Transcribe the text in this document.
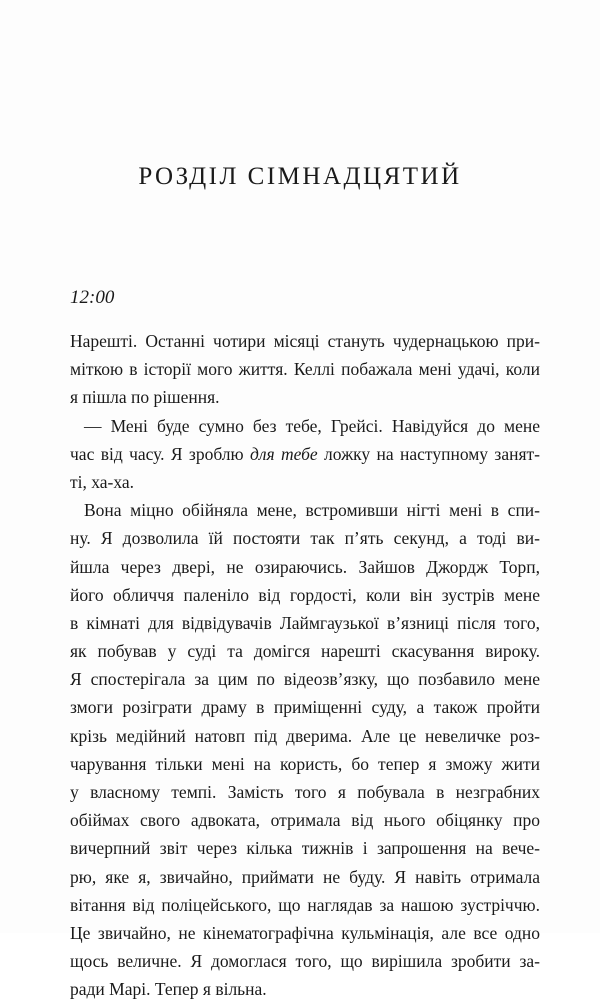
РОЗДІЛ СІМНАДЦЯТИЙ
12:00
Нарешті. Останні чотири місяці стануть чудернацькою при-
міткою в історії мого життя. Келлі побажала мені удачі, коли
я пішла по рішення.
— Мені буде сумно без тебе, Грейсі. Навідуйся до мене
час від часу. Я зроблю для тебе ложку на наступному занят-
ті, ха-ха.
Вона міцно обійняла мене, встромивши нігті мені в спи-
ну. Я дозволила їй постояти так п’ять секунд, а тоді ви-
йшла через двері, не озираючись. Зайшов Джордж Торп,
його обличчя паленіло від гордості, коли він зустрів мене
в кімнаті для відвідувачів Лаймгаузької в’язниці після того,
як побував у суді та домігся нарешті скасування вироку.
Я спостерігала за цим по відеозв’язку, що позбавило мене
змоги розіграти драму в приміщенні суду, а також пройти
крізь медійний натовп під дверима. Але це невеличке роз-
чарування тільки мені на користь, бо тепер я зможу жити
у власному темпі. Замість того я побувала в незграбних
обіймах свого адвоката, отримала від нього обіцянку про
вичерпний звіт через кілька тижнів і запрошення на вече-
рю, яке я, звичайно, приймати не буду. Я навіть отримала
вітання від поліцейського, що наглядав за нашою зустріччю.
Це звичайно, не кінематографічна кульмінація, але все одно
щось величне. Я домоглася того, що вирішила зробити за-
ради Марі. Тепер я вільна.
